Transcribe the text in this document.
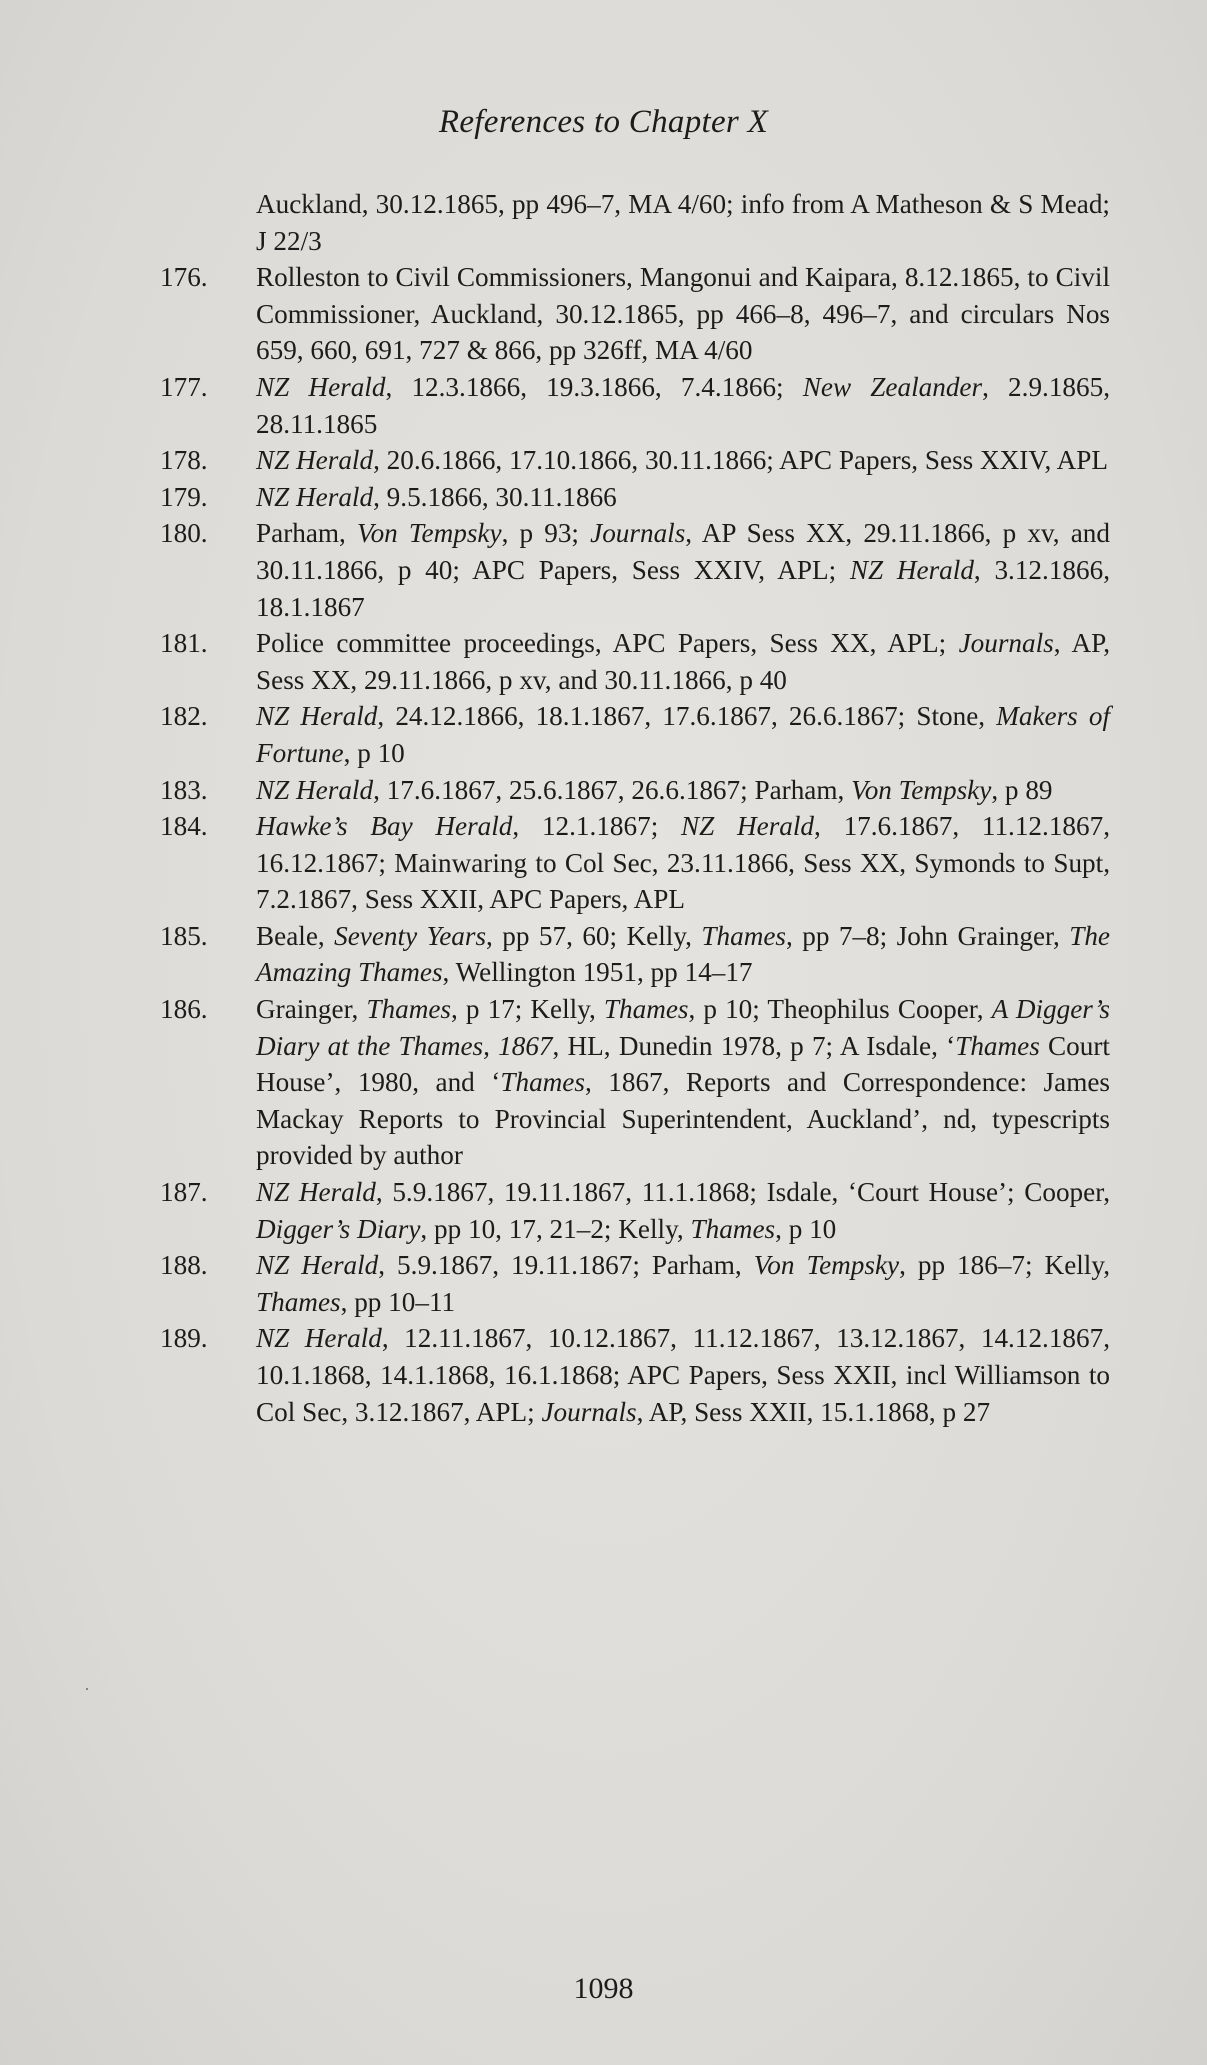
References to Chapter X
Auckland, 30.12.1865, pp 496–7, MA 4/60; info from A Matheson & S Mead; J 22/3
176.	Rolleston to Civil Commissioners, Mangonui and Kaipara, 8.12.1865, to Civil Commissioner, Auckland, 30.12.1865, pp 466–8, 496–7, and circulars Nos 659, 660, 691, 727 & 866, pp 326ff, MA 4/60
177.	NZ Herald, 12.3.1866, 19.3.1866, 7.4.1866; New Zealander, 2.9.1865, 28.11.1865
178.	NZ Herald, 20.6.1866, 17.10.1866, 30.11.1866; APC Papers, Sess XXIV, APL
179.	NZ Herald, 9.5.1866, 30.11.1866
180.	Parham, Von Tempsky, p 93; Journals, AP Sess XX, 29.11.1866, p xv, and 30.11.1866, p 40; APC Papers, Sess XXIV, APL; NZ Herald, 3.12.1866, 18.1.1867
181.	Police committee proceedings, APC Papers, Sess XX, APL; Journals, AP, Sess XX, 29.11.1866, p xv, and 30.11.1866, p 40
182.	NZ Herald, 24.12.1866, 18.1.1867, 17.6.1867, 26.6.1867; Stone, Makers of Fortune, p 10
183.	NZ Herald, 17.6.1867, 25.6.1867, 26.6.1867; Parham, Von Tempsky, p 89
184.	Hawke’s Bay Herald, 12.1.1867; NZ Herald, 17.6.1867, 11.12.1867, 16.12.1867; Mainwaring to Col Sec, 23.11.1866, Sess XX, Symonds to Supt, 7.2.1867, Sess XXII, APC Papers, APL
185.	Beale, Seventy Years, pp 57, 60; Kelly, Thames, pp 7–8; John Grainger, The Amazing Thames, Wellington 1951, pp 14–17
186.	Grainger, Thames, p 17; Kelly, Thames, p 10; Theophilus Cooper, A Digger’s Diary at the Thames, 1867, HL, Dunedin 1978, p 7; A Isdale, ‘Thames Court House’, 1980, and ‘Thames, 1867, Reports and Correspondence: James Mackay Reports to Provincial Superintendent, Auckland’, nd, typescripts provided by author
187.	NZ Herald, 5.9.1867, 19.11.1867, 11.1.1868; Isdale, ‘Court House’; Cooper, Digger’s Diary, pp 10, 17, 21–2; Kelly, Thames, p 10
188.	NZ Herald, 5.9.1867, 19.11.1867; Parham, Von Tempsky, pp 186–7; Kelly, Thames, pp 10–11
189.	NZ Herald, 12.11.1867, 10.12.1867, 11.12.1867, 13.12.1867, 14.12.1867, 10.1.1868, 14.1.1868, 16.1.1868; APC Papers, Sess XXII, incl Williamson to Col Sec, 3.12.1867, APL; Journals, AP, Sess XXII, 15.1.1868, p 27
1098
